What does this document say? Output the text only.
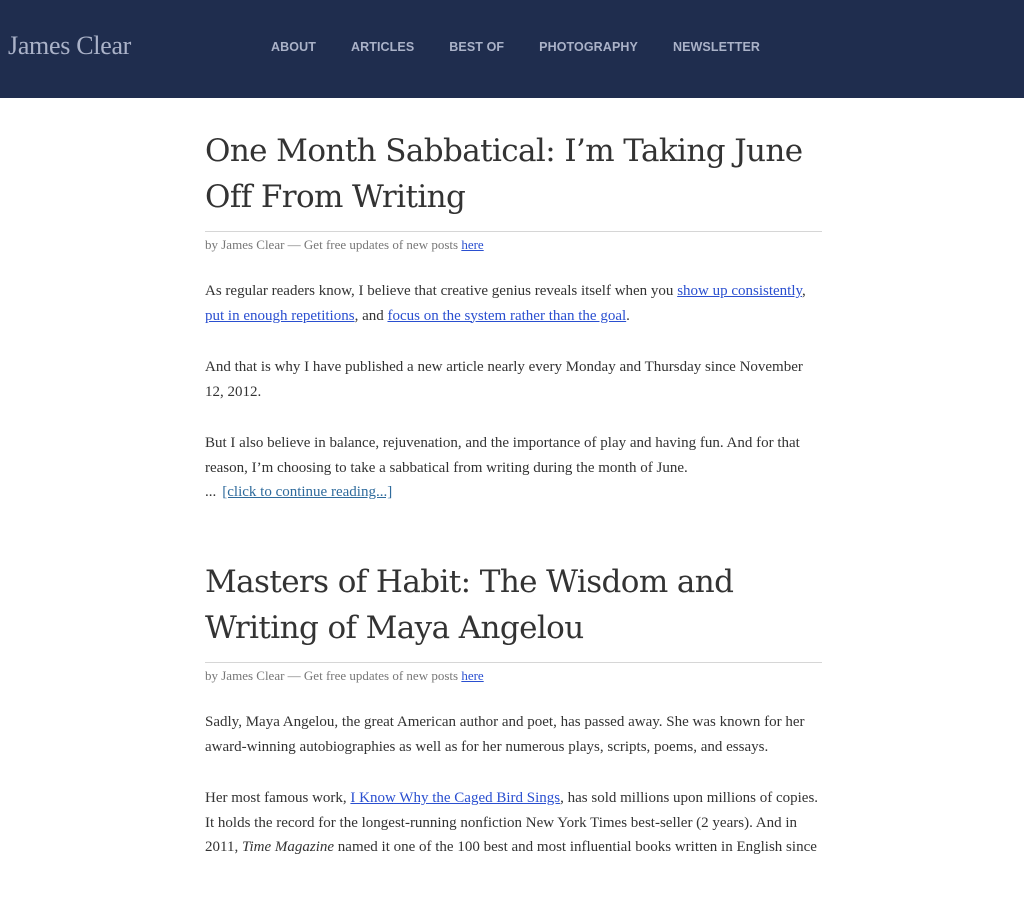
James Clear	ABOUT	ARTICLES	BEST OF	PHOTOGRAPHY	NEWSLETTER
One Month Sabbatical: I’m Taking June
Off From Writing
by James Clear — Get free updates of new posts here

As regular readers know, I believe that creative genius reveals itself when you show up consistently, put in enough repetitions, and focus on the system rather than the goal.

And that is why I have published a new article nearly every Monday and Thursday since November 12, 2012.

But I also believe in balance, rejuvenation, and the importance of play and having fun. And for that reason, I’m choosing to take a sabbatical from writing during the month of June.

... [click to continue reading...]
Masters of Habit: The Wisdom and
Writing of Maya Angelou
by James Clear — Get free updates of new posts here

Sadly, Maya Angelou, the great American author and poet, has passed away. She was known for her award-winning autobiographies as well as for her numerous plays, scripts, poems, and essays.

Her most famous work, I Know Why the Caged Bird Sings, has sold millions upon millions of copies. It holds the record for the longest-running nonfiction New York Times best-seller (2 years). And in 2011, Time Magazine named it one of the 100 best and most influential books written in English since
